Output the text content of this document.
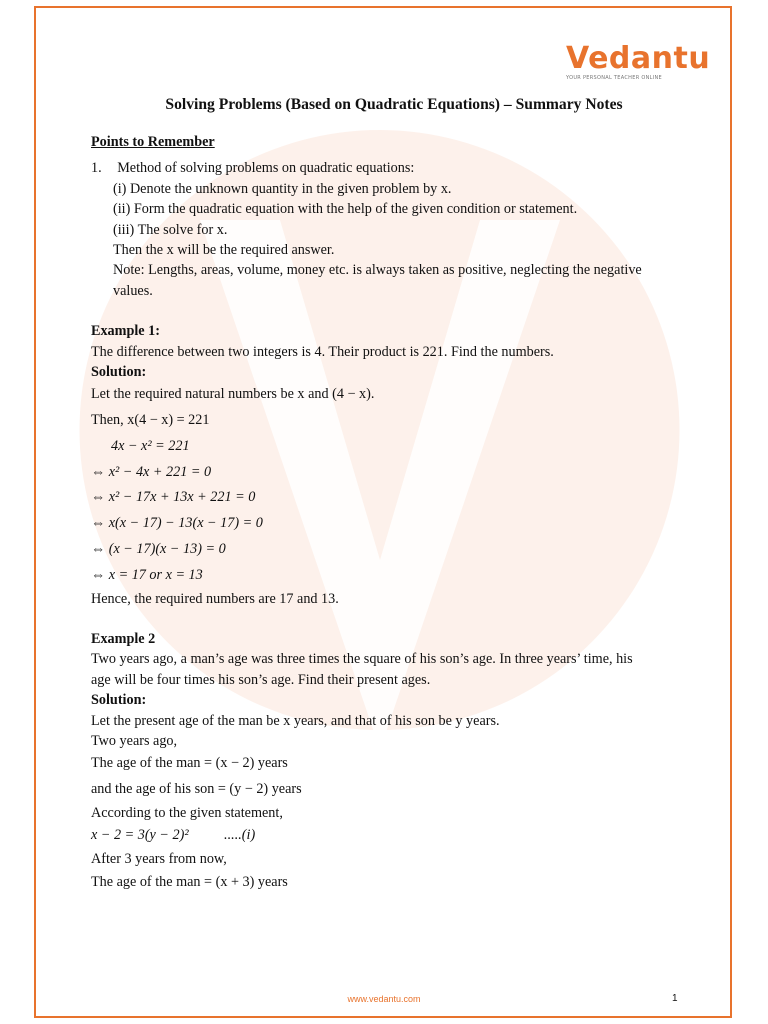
Vedantu
YOUR PERSONAL TEACHER ONLINE
Solving Problems (Based on Quadratic Equations) – Summary Notes
Points to Remember
1. Method of solving problems on quadratic equations:
(i) Denote the unknown quantity in the given problem by x.
(ii) Form the quadratic equation with the help of the given condition or statement.
(iii) The solve for x.
Then the x will be the required answer.
Note: Lengths, areas, volume, money etc. is always taken as positive, neglecting the negative
values.
Example 1:
The difference between two integers is 4. Their product is 221. Find the numbers.
Solution:
Let the required natural numbers be x and (4 − x).
Then, x(4 − x) = 221
4x − x² = 221
⇔ x² − 4x + 221 = 0
⇔ x² − 17x + 13x + 221 = 0
⇔ x(x − 17) − 13(x − 17) = 0
⇔ (x − 17)(x − 13) = 0
⇔ x = 17 or x = 13
Hence, the required numbers are 17 and 13.
Example 2
Two years ago, a man’s age was three times the square of his son’s age. In three years’ time, his
age will be four times his son’s age. Find their present ages.
Solution:
Let the present age of the man be x years, and that of his son be y years.
Two years ago,
The age of the man = (x − 2) years
and the age of his son = (y − 2) years
According to the given statement,
x − 2 = 3(y − 2)²          .....(i)
After 3 years from now,
The age of the man = (x + 3) years
www.vedantu.com	1
